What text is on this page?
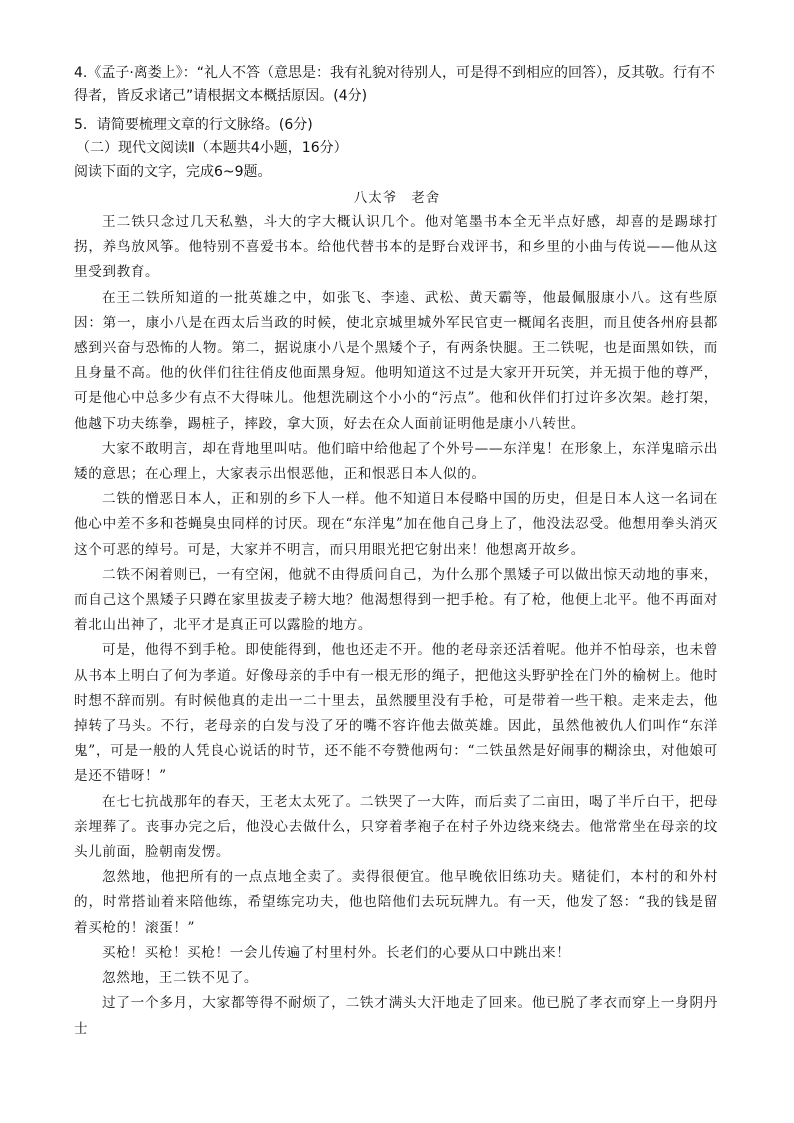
4.《孟子·离娄上》：“礼人不答（意思是：我有礼貌对待别人，可是得不到相应的回答），反其敬。行有不得者，皆反求诸己”请根据文本概括原因。(4分)
5．请简要梳理文章的行文脉络。(6分)
（二）现代文阅读Ⅱ（本题共4小题，16分）
阅读下面的文字，完成6~9题。
八太爷 老舍

王二铁只念过几天私塾，斗大的字大概认识几个。他对笔墨书本全无半点好感，却喜的是踢球打拐，养鸟放风筝。他特别不喜爱书本。给他代替书本的是野台戏评书，和乡里的小曲与传说——他从这里受到教育。

在王二铁所知道的一批英雄之中，如张飞、李逵、武松、黄天霸等，他最佩服康小八。这有些原因：第一，康小八是在西太后当政的时候，使北京城里城外军民官吏一概闻名丧胆，而且使各州府县都感到兴奋与恐怖的人物。第二，据说康小八是个黑矮个子，有两条快腿。王二铁呢，也是面黑如铁，而且身量不高。他的伙伴们往往俏皮他面黑身短。他明知道这不过是大家开开玩笑，并无损于他的尊严，可是他心中总多少有点不大得味儿。他想洗刷这个小小的“污点”。他和伙伴们打过许多次架。趁打架，他越下功夫练拳，踢桩子，摔跤，拿大顶，好去在众人面前证明他是康小八转世。

大家不敢明言，却在背地里叫咕。他们暗中给他起了个外号——东洋鬼！在形象上，东洋鬼暗示出矮的意思；在心理上，大家表示出恨恶他，正和恨恶日本人似的。

二铁的憎恶日本人，正和别的乡下人一样。他不知道日本侵略中国的历史，但是日本人这一名词在他心中差不多和苍蝇臭虫同样的讨厌。现在“东洋鬼”加在他自己身上了，他没法忍受。他想用拳头消灭这个可恶的绰号。可是，大家并不明言，而只用眼光把它射出来！他想离开故乡。

二铁不闲着则已，一有空闲，他就不由得质问自己，为什么那个黑矮子可以做出惊天动地的事来，而自己这个黑矮子只蹲在家里拔麦子耪大地？他渴想得到一把手枪。有了枪，他便上北平。他不再面对着北山出神了，北平才是真正可以露脸的地方。

可是，他得不到手枪。即使能得到，他也还走不开。他的老母亲还活着呢。他并不怕母亲，也未曾从书本上明白了何为孝道。好像母亲的手中有一根无形的绳子，把他这头野驴拴在门外的榆树上。他时时想不辞而别。有时候他真的走出一二十里去，虽然腰里没有手枪，可是带着一些干粮。走来走去，他掉转了马头。不行，老母亲的白发与没了牙的嘴不容许他去做英雄。因此，虽然他被仇人们叫作“东洋鬼”，可是一般的人凭良心说话的时节，还不能不夸赞他两句：“二铁虽然是好闹事的糊涂虫，对他娘可是还不错呀！”

在七七抗战那年的春天，王老太太死了。二铁哭了一大阵，而后卖了二亩田，喝了半斤白干，把母亲埋葬了。丧事办完之后，他没心去做什么，只穿着孝袍子在村子外边绕来绕去。他常常坐在母亲的坟头儿前面，脸朝南发愣。

忽然地，他把所有的一点点地全卖了。卖得很便宜。他早晚依旧练功夫。赌徒们，本村的和外村的，时常搭讪着来陪他练，希望练完功夫，他也陪他们去玩玩牌九。有一天，他发了怒：“我的钱是留着买枪的！滚蛋！”

买枪！买枪！买枪！一会儿传遍了村里村外。长老们的心要从口中跳出来！

忽然地，王二铁不见了。

过了一个多月，大家都等得不耐烦了，二铁才满头大汗地走了回来。他已脱了孝衣而穿上一身阴丹士
